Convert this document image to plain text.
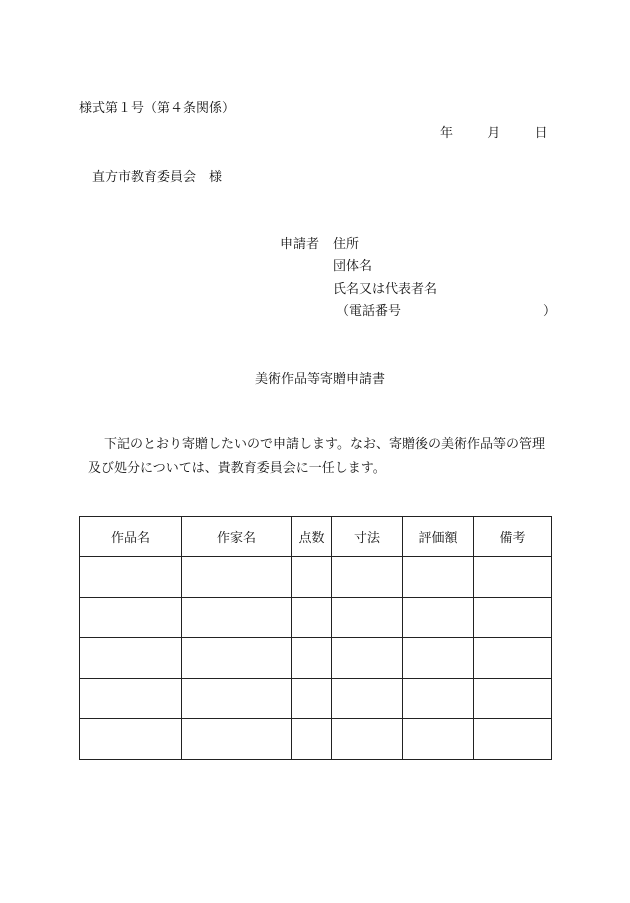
様式第１号（第４条関係）
年	月	日
直方市教育委員会　様
申請者 住所
団体名
氏名又は代表者名
（電話番号	）
美術作品等寄贈申請書

下記のとおり寄贈したいので申請します。なお、寄贈後の美術作品等の管理

及び処分については、貴教育委員会に一任します。

作品名	作家名	点数	寸法	評価額	備考
